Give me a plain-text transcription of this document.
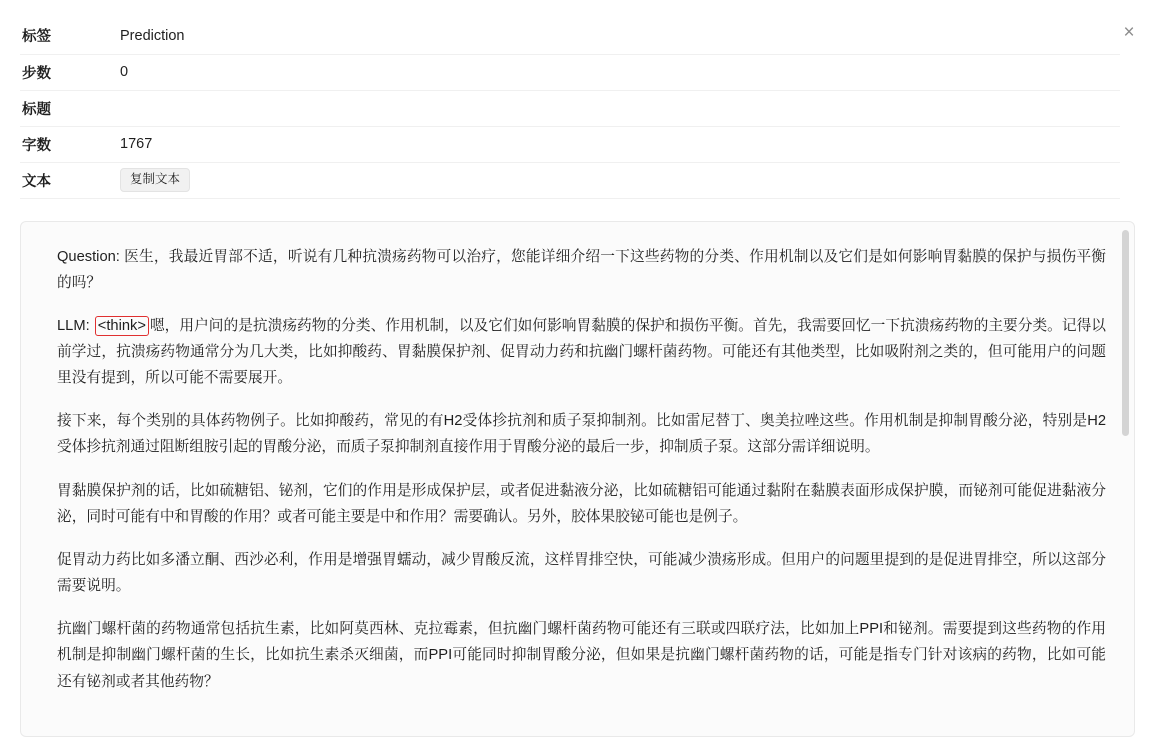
×
标签	Prediction
步数	0
标题	
字数	1767
文本	复制文本

Question: 医生，我最近胃部不适，听说有几种抗溃疡药物可以治疗，您能详细介绍一下这些药物的分类、作用机制以及它们是如何影响胃黏膜的保护与损伤平衡的吗？

LLM: <think> 嗯，用户问的是抗溃疡药物的分类、作用机制，以及它们如何影响胃黏膜的保护和损伤平衡。首先，我需要回忆一下抗溃疡药物的主要分类。记得以前学过，抗溃疡药物通常分为几大类，比如抑酸药、胃黏膜保护剂、促胃动力药和抗幽门螺杆菌药物。可能还有其他类型，比如吸附剂之类的，但可能用户的问题里没有提到，所以可能不需要展开。

接下来，每个类别的具体药物例子。比如抑酸药，常见的有H2受体抮抗剂和质子泵抑制剂。比如雷尼替丁、奥美拉唑这些。作用机制是抑制胃酸分泌，特别是H2受体抮抗剂通过阻断组胺引起的胃酸分泌，而质子泵抑制剂直接作用于胃酸分泌的最后一步，抑制质子泵。这部分需详细说明。

胃黏膜保护剂的话，比如硫糖铝、铋剂，它们的作用是形成保护层，或者促进黏液分泌，比如硫糖铝可能通过黏附在黏膜表面形成保护膜，而铋剂可能促进黏液分泌，同时可能有中和胃酸的作用？或者可能主要是中和作用？需要确认。另外，胶体果胶铋可能也是例子。

促胃动力药比如多潘立酮、西沙必利，作用是增强胃蠕动，减少胃酸反流，这样胃排空快，可能减少溃疡形成。但用户的问题里提到的是促进胃排空，所以这部分需要说明。

抗幽门螺杆菌的药物通常包括抗生素，比如阿莫西林、克拉霉素，但抗幽门螺杆菌药物可能还有三联或四联疗法，比如加上PPI和铋剂。需要提到这些药物的作用机制是抑制幽门螺杆菌的生长，比如抗生素杀灭细菌，而PPI可能同时抑制胃酸分泌，但如果是抗幽门螺杆菌药物的话，可能是指专门针对该病的药物，比如可能还有铋剂或者其他药物？
